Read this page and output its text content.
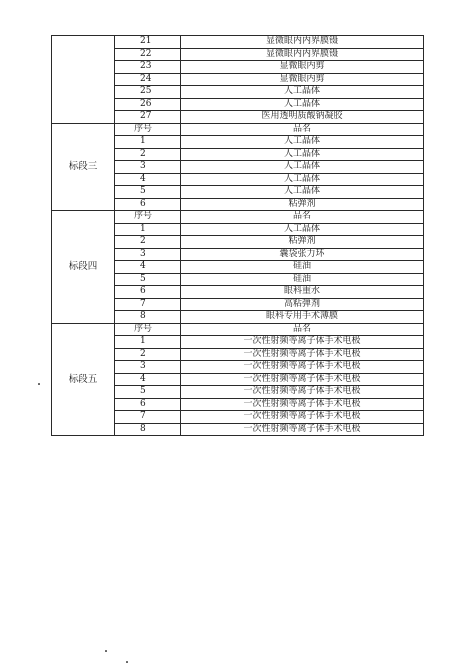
	21	显微眼内内界膜镊
	22	显微眼内内界膜镊
	23	显微眼内剪
	24	显微眼内剪
	25	人工晶体
	26	人工晶体
	27	医用透明质酸钠凝胶
标段三	序号	品名
	1	人工晶体
	2	人工晶体
	3	人工晶体
	4	人工晶体
	5	人工晶体
	6	粘弹剂
标段四	序号	品名
	1	人工晶体
	2	粘弹剂
	3	囊袋张力环
	4	硅油
	5	硅油
	6	眼科重水
	7	高粘弹剂
	8	眼科专用手术薄膜
标段五	序号	品名
	1	一次性射频等离子体手术电极
	2	一次性射频等离子体手术电极
	3	一次性射频等离子体手术电极
	4	一次性射频等离子体手术电极
	5	一次性射频等离子体手术电极
	6	一次性射频等离子体手术电极
	7	一次性射频等离子体手术电极
	8	一次性射频等离子体手术电极
